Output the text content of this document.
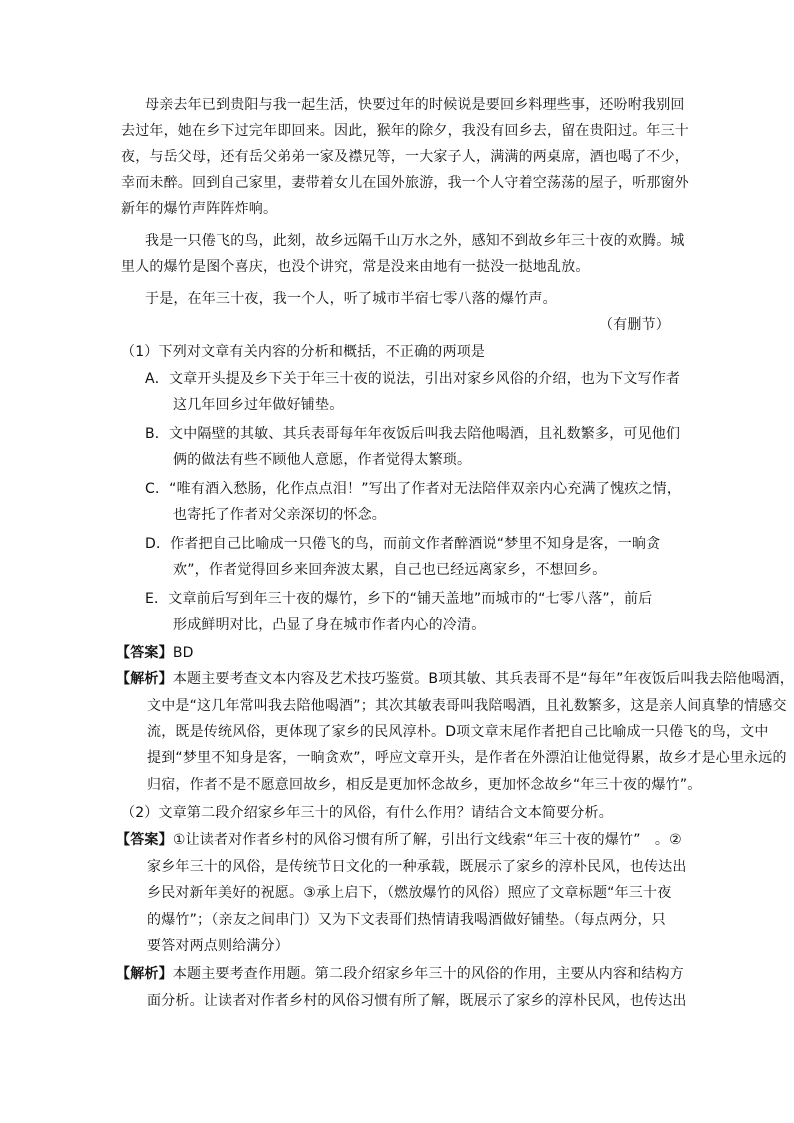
母亲去年已到贵阳与我一起生活，快要过年的时候说是要回乡料理些事，还吩咐我别回
去过年，她在乡下过完年即回来。因此，猴年的除夕，我没有回乡去，留在贵阳过。年三十
夜，与岳父母，还有岳父弟弟一家及襟兄等，一大家子人，满满的两桌席，酒也喝了不少，
幸而未醉。回到自己家里，妻带着女儿在国外旅游，我一个人守着空荡荡的屋子，听那窗外
新年的爆竹声阵阵炸响。
我是一只倦飞的鸟，此刻，故乡远隔千山万水之外，感知不到故乡年三十夜的欢腾。城
里人的爆竹是图个喜庆，也没个讲究，常是没来由地有一挞没一挞地乱放。
于是，在年三十夜，我一个人，听了城市半宿七零八落的爆竹声。
（有删节）
（1）下列对文章有关内容的分析和概括，不正确的两项是
A．文章开头提及乡下关于年三十夜的说法，引出对家乡风俗的介绍，也为下文写作者
这几年回乡过年做好铺垫。
B．文中隔壁的其敏、其兵表哥每年年夜饭后叫我去陪他喝酒，且礼数繁多，可见他们
俩的做法有些不顾他人意愿，作者觉得太繁琐。
C．“唯有酒入愁肠，化作点点泪！”写出了作者对无法陪伴双亲内心充满了愧疚之情，
也寄托了作者对父亲深切的怀念。
D．作者把自己比喻成一只倦飞的鸟，而前文作者醉酒说“梦里不知身是客，一晌贪
欢”，作者觉得回乡来回奔波太累，自己也已经远离家乡，不想回乡。
E．文章前后写到年三十夜的爆竹，乡下的“铺天盖地”而城市的“七零八落”，前后
形成鲜明对比，凸显了身在城市作者内心的冷清。
【答案】BD
【解析】本题主要考查文本内容及艺术技巧鉴赏。B项其敏、其兵表哥不是“每年”年夜饭后叫我去陪他喝酒，
文中是“这几年常叫我去陪他喝酒”；其次其敏表哥叫我陪喝酒，且礼数繁多，这是亲人间真挚的情感交
流，既是传统风俗，更体现了家乡的民风淳朴。D项文章末尾作者把自己比喻成一只倦飞的鸟，文中
提到“梦里不知身是客，一晌贪欢”，呼应文章开头，是作者在外漂泊让他觉得累，故乡才是心里永远的
归宿，作者不是不愿意回故乡，相反是更加怀念故乡，更加怀念故乡“年三十夜的爆竹”。
（2）文章第二段介绍家乡年三十的风俗，有什么作用？请结合文本简要分析。
【答案】①让读者对作者乡村的风俗习惯有所了解，引出行文线索“年三十夜的爆竹”　。②
家乡年三十的风俗，是传统节日文化的一种承载，既展示了家乡的淳朴民风，也传达出
乡民对新年美好的祝愿。③承上启下，（燃放爆竹的风俗）照应了文章标题“年三十夜
的爆竹”；（亲友之间串门）又为下文表哥们热情请我喝酒做好铺垫。（每点两分，只
要答对两点则给满分）
【解析】本题主要考查作用题。第二段介绍家乡年三十的风俗的作用，主要从内容和结构方
面分析。让读者对作者乡村的风俗习惯有所了解，既展示了家乡的淳朴民风，也传达出
